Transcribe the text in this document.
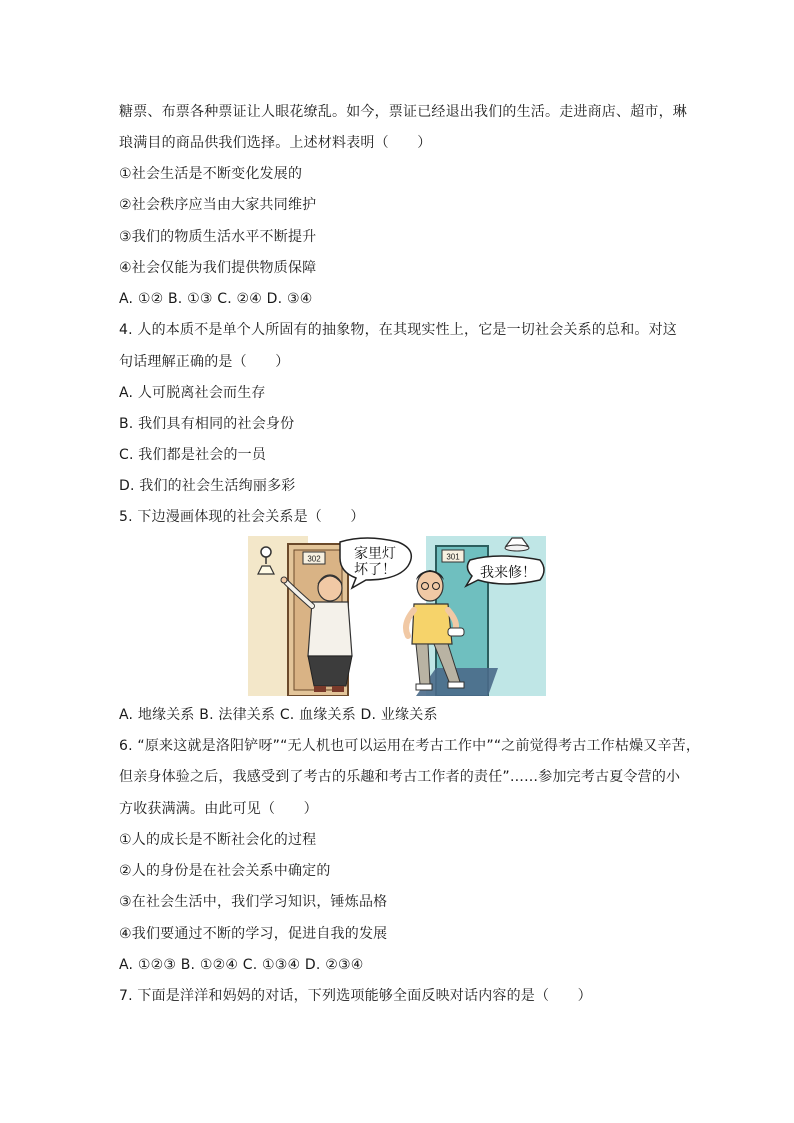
糖票、布票各种票证让人眼花缭乱。如今，票证已经退出我们的生活。走进商店、超市，琳
琅满目的商品供我们选择。上述材料表明（　　）
①社会生活是不断变化发展的
②社会秩序应当由大家共同维护
③我们的物质生活水平不断提升
④社会仅能为我们提供物质保障
A. ①② B. ①③ C. ②④ D. ③④
4. 人的本质不是单个人所固有的抽象物，在其现实性上，它是一切社会关系的总和。对这
句话理解正确的是（　　）
A. 人可脱离社会而生存
B. 我们具有相同的社会身份
C. 我们都是社会的一员
D. 我们的社会生活绚丽多彩
5. 下边漫画体现的社会关系是（　　）
302	301
家里灯
坏了！	我来修！
A. 地缘关系 B. 法律关系 C. 血缘关系 D. 业缘关系
6. “原来这就是洛阳铲呀”“无人机也可以运用在考古工作中”“之前觉得考古工作枯燥又辛苦，
但亲身体验之后，我感受到了考古的乐趣和考古工作者的责任”……参加完考古夏令营的小
方收获满满。由此可见（　　）
①人的成长是不断社会化的过程
②人的身份是在社会关系中确定的
③在社会生活中，我们学习知识，锤炼品格
④我们要通过不断的学习，促进自我的发展
A. ①②③ B. ①②④ C. ①③④ D. ②③④
7. 下面是洋洋和妈妈的对话，下列选项能够全面反映对话内容的是（　　）
